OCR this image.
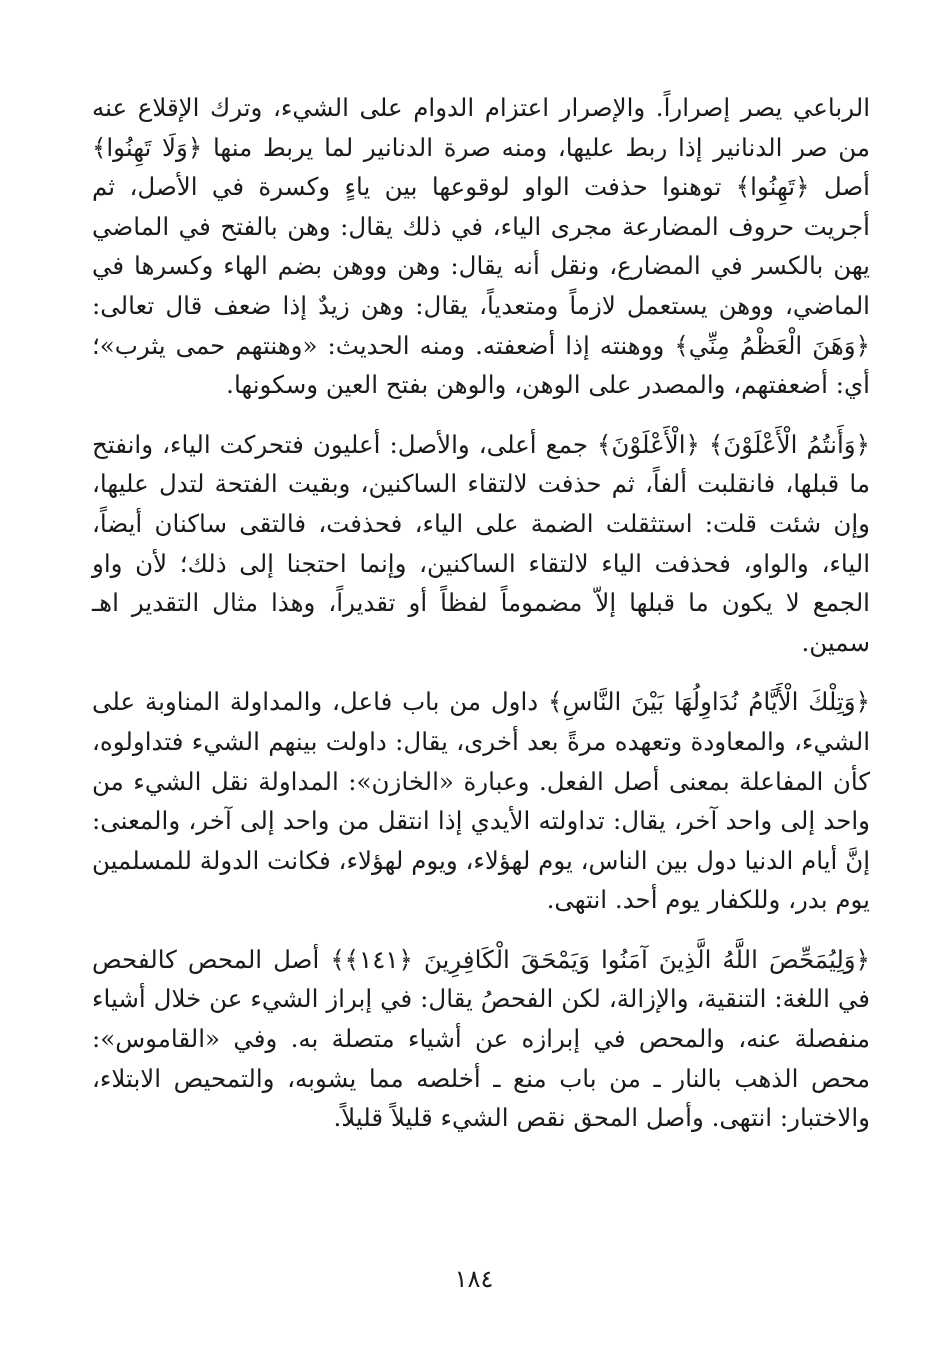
الرباعي يصر إصراراً. والإصرار اعتزام الدوام على الشيء، وترك الإقلاع عنه من صر الدنانير إذا ربط عليها، ومنه صرة الدنانير لما يربط منها ﴿وَلَا تَهِنُوا﴾ أصل ﴿تَهِنُوا﴾ توهنوا حذفت الواو لوقوعها بين ياءٍ وكسرة في الأصل، ثم أجريت حروف المضارعة مجرى الياء، في ذلك يقال: وهن بالفتح في الماضي يهن بالكسر في المضارع، ونقل أنه يقال: وهن ووهن بضم الهاء وكسرها في الماضي، ووهن يستعمل لازماً ومتعدياً، يقال: وهن زيدٌ إذا ضعف قال تعالى: ﴿وَهَنَ الْعَظْمُ مِنِّي﴾ ووهنته إذا أضعفته. ومنه الحديث: «وهنتهم حمى يثرب»؛ أي: أضعفتهم، والمصدر على الوهن، والوهن بفتح العين وسكونها.

﴿وَأَنتُمُ الْأَعْلَوْنَ﴾ ﴿الْأَعْلَوْنَ﴾ جمع أعلى، والأصل: أعليون فتحركت الياء، وانفتح ما قبلها، فانقلبت ألفاً، ثم حذفت لالتقاء الساكنين، وبقيت الفتحة لتدل عليها، وإن شئت قلت: استثقلت الضمة على الياء، فحذفت، فالتقى ساكنان أيضاً، الياء، والواو، فحذفت الياء لالتقاء الساكنين، وإنما احتجنا إلى ذلك؛ لأن واو الجمع لا يكون ما قبلها إلاّ مضموماً لفظاً أو تقديراً، وهذا مثال التقدير اهـ سمين.

﴿وَتِلْكَ الْأَيَّامُ نُدَاوِلُهَا بَيْنَ النَّاسِ﴾ داول من باب فاعل، والمداولة المناوبة على الشيء، والمعاودة وتعهده مرةً بعد أخرى، يقال: داولت بينهم الشيء فتداولوه، كأن المفاعلة بمعنى أصل الفعل. وعبارة «الخازن»: المداولة نقل الشيء من واحد إلى واحد آخر، يقال: تداولته الأيدي إذا انتقل من واحد إلى آخر، والمعنى: إنَّ أيام الدنيا دول بين الناس، يوم لهؤلاء، ويوم لهؤلاء، فكانت الدولة للمسلمين يوم بدر، وللكفار يوم أحد. انتهى.

﴿وَلِيُمَحِّصَ اللَّهُ الَّذِينَ آمَنُوا وَيَمْحَقَ الْكَافِرِينَ ﴿١٤١﴾﴾ أصل المحص كالفحص في اللغة: التنقية، والإزالة، لكن الفحصُ يقال: في إبراز الشيء عن خلال أشياء منفصلة عنه، والمحص في إبرازه عن أشياء متصلة به. وفي «القاموس»: محص الذهب بالنار ـ من باب منع ـ أخلصه مما يشوبه، والتمحيص الابتلاء، والاختبار: انتهى. وأصل المحق نقص الشيء قليلاً قليلاً.

١٨٤
